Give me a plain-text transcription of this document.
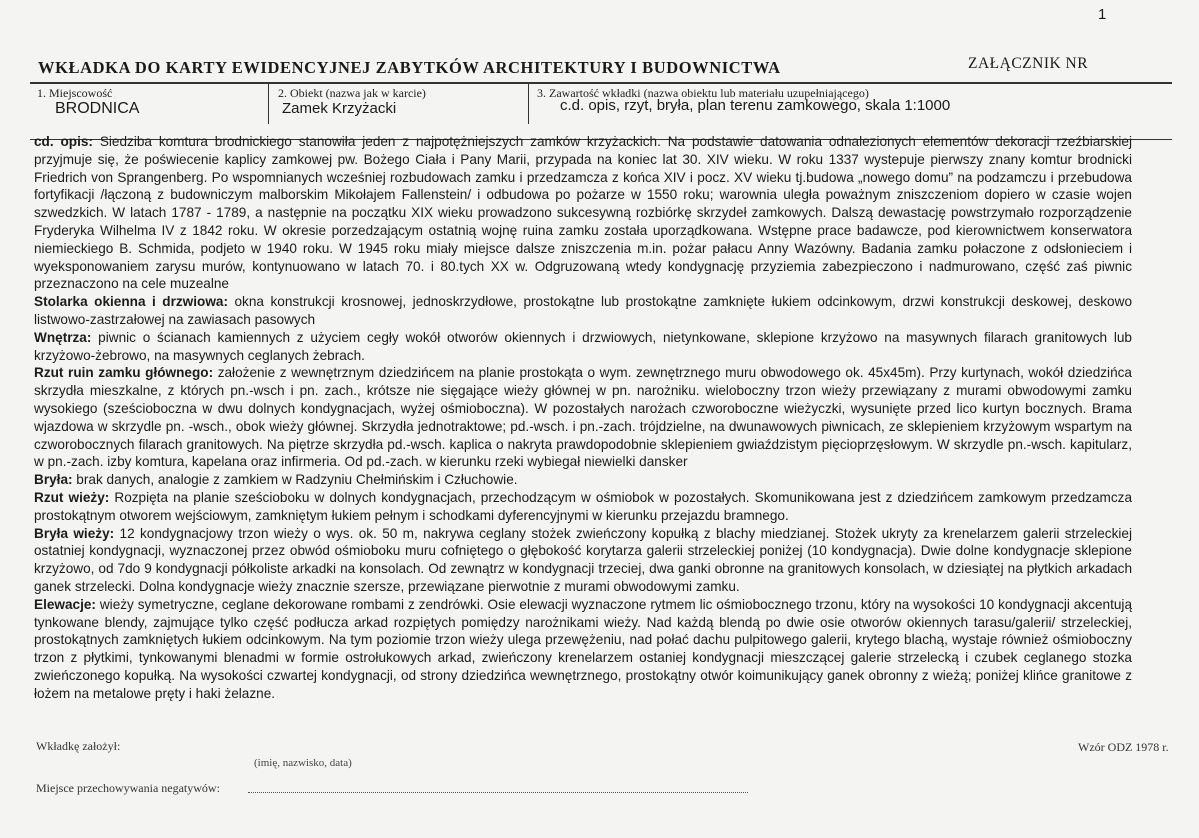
1
WKŁADKA DO KARTY EWIDENCYJNEJ ZABYTKÓW ARCHITEKTURY I BUDOWNICTWA	ZAŁĄCZNIK NR
1. Miejscowość
BRODNICA
2. Obiekt (nazwa jak w karcie)
Zamek Krzyżacki
3. Zawartość wkładki (nazwa obiektu lub materiału uzupełniającego)
c.d. opis, rzyt, bryła, plan terenu zamkowego, skala 1:1000

cd. opis: Siedziba komtura brodnickiego stanowiła jeden z najpotężniejszych zamków krzyżackich. Na podstawie datowania odnalezionych elementów dekoracji rzeźbiarskiej przyjmuje się, że poświecenie kaplicy zamkowej pw. Bożego Ciała i Pany Marii, przypada na koniec lat 30. XIV wieku. W roku 1337 wystepuje pierwszy znany komtur brodnicki Friedrich von Sprangenberg. Po wspomnianych wcześniej rozbudowach zamku i przedzamcza z końca XIV i pocz. XV wieku tj.budowa „nowego domu” na podzamczu i przebudowa fortyfikacji /łączoną z budowniczym malborskim Mikołajem Fallenstein/ i odbudowa po pożarze w 1550 roku; warownia uległa poważnym zniszczeniom dopiero w czasie wojen szwedzkich. W latach 1787 - 1789, a następnie na początku XIX wieku prowadzono sukcesywną rozbiórkę skrzydeł zamkowych. Dalszą dewastację powstrzymało rozporządzenie Fryderyka Wilhelma IV z 1842 roku. W okresie porzedzającym ostatnią wojnę ruina zamku została uporządkowana. Wstępne prace badawcze, pod kierownictwem konserwatora niemieckiego B. Schmida, podjeto w 1940 roku. W 1945 roku miały miejsce dalsze zniszczenia m.in. pożar pałacu Anny Wazówny. Badania zamku połaczone z odsłonieciem i wyeksponowaniem zarysu murów, kontynuowano w latach 70. i 80.tych XX w. Odgruzowaną wtedy kondygnację przyziemia zabezpieczono i nadmurowano, część zaś piwnic przeznaczono na cele muzealne

Stolarka okienna i drzwiowa: okna konstrukcji krosnowej, jednoskrzydłowe, prostokątne lub prostokątne zamknięte łukiem odcinkowym, drzwi konstrukcji deskowej, deskowo listwowo-zastrzałowej na zawiasach pasowych

Wnętrza: piwnic o ścianach kamiennych z użyciem cegły wokół otworów okiennych i drzwiowych, nietynkowane, sklepione krzyżowo na masywnych filarach granitowych lub krzyżowo-żebrowo, na masywnych ceglanych żebrach.

Rzut ruin zamku głównego: założenie z wewnętrznym dziedzińcem na planie prostokąta o wym. zewnętrznego muru obwodowego ok. 45x45m). Przy kurtynach, wokół dziedzińca skrzydła mieszkalne, z których pn.-wsch i pn. zach., krótsze nie sięgające wieży głównej w pn. narożniku. wieloboczny trzon wieży przewiązany z murami obwodowymi zamku wysokiego (sześcioboczna w dwu dolnych kondygnacjach, wyżej ośmioboczna). W pozostałych narożach czworoboczne wieżyczki, wysunięte przed lico kurtyn bocznych. Brama wjazdowa w skrzydle pn. -wsch., obok wieży głównej. Skrzydła jednotraktowe; pd.-wsch. i pn.-zach. trójdzielne, na dwunawowych piwnicach, ze sklepieniem krzyżowym wspartym na czworobocznych filarach granitowych. Na piętrze skrzydła pd.-wsch. kaplica o nakryta prawdopodobnie sklepieniem gwiaździstym pięcioprzęsłowym. W skrzydle pn.-wsch. kapitularz, w pn.-zach. izby komtura, kapelana oraz infirmeria. Od pd.-zach. w kierunku rzeki wybiegał niewielki dansker

Bryła: brak danych, analogie z zamkiem w Radzyniu Chełmińskim i Człuchowie.

Rzut wieży: Rozpięta na planie sześcioboku w dolnych kondygnacjach, przechodzącym w ośmiobok w pozostałych. Skomunikowana jest z dziedzińcem zamkowym przedzamcza prostokątnym otworem wejściowym, zamkniętym łukiem pełnym i schodkami dyferencyjnymi w kierunku przejazdu bramnego.

Bryła wieży: 12 kondygnacjowy trzon wieży o wys. ok. 50 m, nakrywa ceglany stożek zwieńczony kopułką z blachy miedzianej. Stożek ukryty za krenelarzem galerii strzeleckiej ostatniej kondygnacji, wyznaczonej przez obwód ośmioboku muru cofniętego o głębokość korytarza galerii strzeleckiej poniżej (10 kondygnacja). Dwie dolne kondygnacje sklepione krzyżowo, od 7do 9 kondygnacji półkoliste arkadki na konsolach. Od zewnątrz w kondygnacji trzeciej, dwa ganki obronne na granitowych konsolach, w dziesiątej na płytkich arkadach ganek strzelecki. Dolna kondygnacje wieży znacznie szersze, przewiązane pierwotnie z murami obwodowymi zamku.

Elewacje: wieży symetryczne, ceglane dekorowane rombami z zendrówki. Osie elewacji wyznaczone rytmem lic ośmiobocznego trzonu, który na wysokości 10 kondygnacji akcentują tynkowane blendy, zajmujące tylko część podłucza arkad rozpiętych pomiędzy narożnikami wieży. Nad każdą blendą po dwie osie otworów okiennych tarasu/galerii/ strzeleckiej, prostokątnych zamkniętych łukiem odcinkowym. Na tym poziomie trzon wieży ulega przewężeniu, nad połać dachu pulpitowego galerii, krytego blachą, wystaje również ośmioboczny trzon z płytkimi, tynkowanymi blenadmi w formie ostrołukowych arkad, zwieńczony krenelarzem ostaniej kondygnacji mieszczącej galerie strzelecką i czubek ceglanego stozka zwieńczonego kopułką. Na wysokości czwartej kondygnacji, od strony dziedzińca wewnętrznego, prostokątny otwór koimunikujący ganek obronny z wieżą; poniżej klińce granitowe z łożem na metalowe pręty i haki żelazne.

Wkładkę założył:
(imię, nazwisko, data)
Wzór ODZ 1978 r.
Miejsce przechowywania negatywów:
